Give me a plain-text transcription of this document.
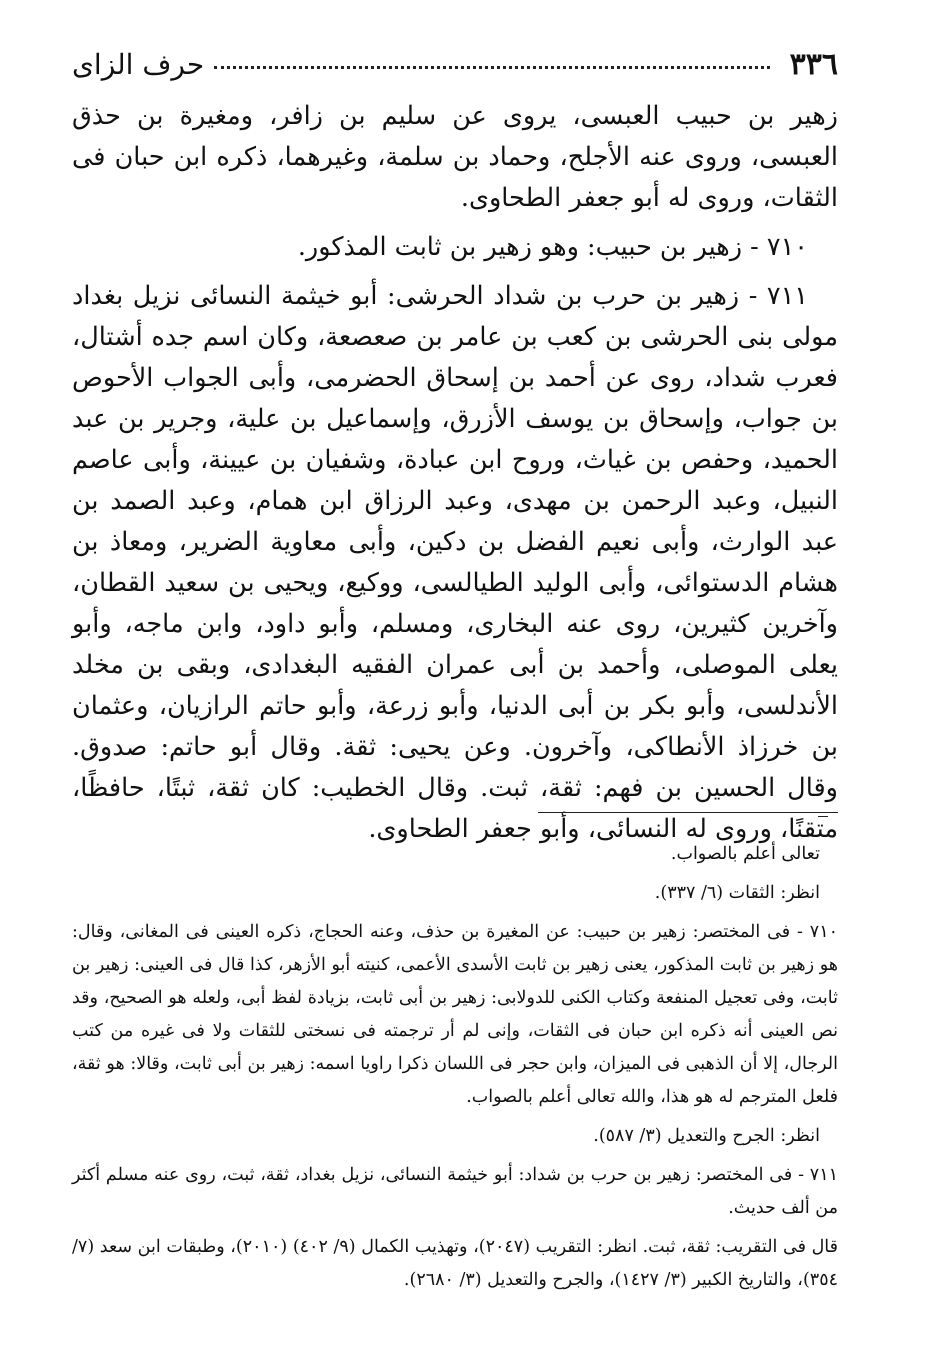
٣٣٦
حرف الزاى

زهير بن حبيب العبسى، يروى عن سليم بن زافر، ومغيرة بن حذق العبسى، وروى عنه الأجلح، وحماد بن سلمة، وغيرهما، ذكره ابن حبان فى الثقات، وروى له أبو جعفر الطحاوى.

٧١٠ - زهير بن حبيب: وهو زهير بن ثابت المذكور.

٧١١ - زهير بن حرب بن شداد الحرشى: أبو خيثمة النسائى نزيل بغداد مولى بنى الحرشى بن كعب بن عامر بن صعصعة، وكان اسم جده أشتال، فعرب شداد، روى عن أحمد بن إسحاق الحضرمى، وأبى الجواب الأحوص بن جواب، وإسحاق بن يوسف الأزرق، وإسماعيل بن علية، وجرير بن عبد الحميد، وحفص بن غياث، وروح ابن عبادة، وشفيان بن عيينة، وأبى عاصم النبيل، وعبد الرحمن بن مهدى، وعبد الرزاق ابن همام، وعبد الصمد بن عبد الوارث، وأبى نعيم الفضل بن دكين، وأبى معاوية الضرير، ومعاذ بن هشام الدستوائى، وأبى الوليد الطيالسى، ووكيع، ويحيى بن سعيد القطان، وآخرين كثيرين، روى عنه البخارى، ومسلم، وأبو داود، وابن ماجه، وأبو يعلى الموصلى، وأحمد بن أبى عمران الفقيه البغدادى، وبقى بن مخلد الأندلسى، وأبو بكر بن أبى الدنيا، وأبو زرعة، وأبو حاتم الرازيان، وعثمان بن خرزاذ الأنطاكى، وآخرون. وعن يحيى: ثقة. وقال أبو حاتم: صدوق. وقال الحسين بن فهم: ثقة، ثبت. وقال الخطيب: كان ثقة، ثبتًا، حافظًا، متقنًا، وروى له النسائى، وأبو جعفر الطحاوى.

تعالى أعلم بالصواب.

انظر: الثقات (٦/ ٣٣٧).

٧١٠ - فى المختصر: زهير بن حبيب: عن المغيرة بن حذف، وعنه الحجاج، ذكره العينى فى المغانى، وقال: هو زهير بن ثابت المذكور، يعنى زهير بن ثابت الأسدى الأعمى، كنيته أبو الأزهر، كذا قال فى العينى: زهير بن ثابت، وفى تعجيل المنفعة وكتاب الكنى للدولابى: زهير بن أبى ثابت، بزيادة لفظ أبى، ولعله هو الصحيح، وقد نص العينى أنه ذكره ابن حبان فى الثقات، وإنى لم أر ترجمته فى نسختى للثقات ولا فى غيره من كتب الرجال، إلا أن الذهبى فى الميزان، وابن حجر فى اللسان ذكرا راويا اسمه: زهير بن أبى ثابت، وقالا: هو ثقة، فلعل المترجم له هو هذا، والله تعالى أعلم بالصواب.

انظر: الجرح والتعديل (٣/ ٥٨٧).

٧١١ - فى المختصر: زهير بن حرب بن شداد: أبو خيثمة النسائى، نزيل بغداد، ثقة، ثبت، روى عنه مسلم أكثر من ألف حديث.

قال فى التقريب: ثقة، ثبت. انظر: التقريب (٢٠٤٧)، وتهذيب الكمال (٩/ ٤٠٢) (٢٠١٠)، وطبقات ابن سعد (٧/ ٣٥٤)، والتاريخ الكبير (٣/ ١٤٢٧)، والجرح والتعديل (٣/ ٢٦٨٠).
